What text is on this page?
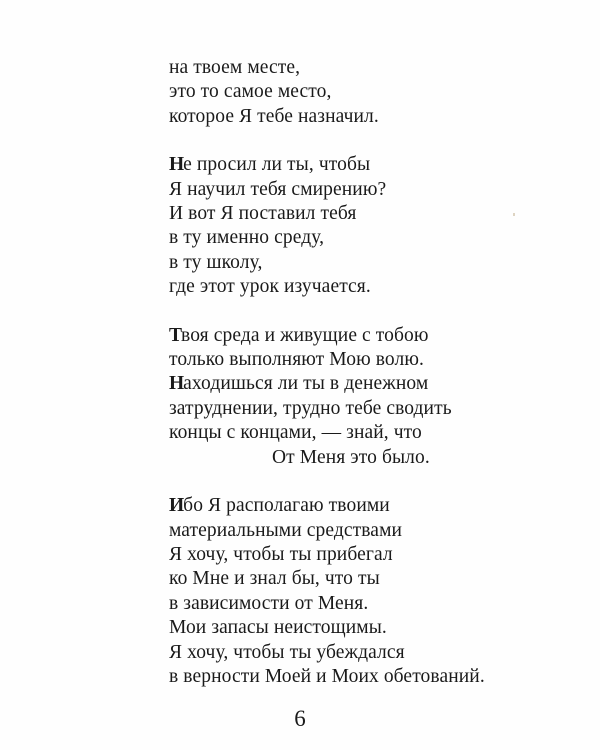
на твоем месте,
это то самое место,
которое Я тебе назначил.
Не просил ли ты, чтобы
Я научил тебя смирению?
И вот Я поставил тебя
в ту именно среду,
в ту школу,
где этот урок изучается.
Твоя среда и живущие с тобою
только выполняют Мою волю.
Находишься ли ты в денежном
затруднении, трудно тебе сводить
концы с концами, — знай, что
От Меня это было.
Ибо Я располагаю твоими
материальными средствами
Я хочу, чтобы ты прибегал
ко Мне и знал бы, что ты
в зависимости от Меня.
Мои запасы неистощимы.
Я хочу, чтобы ты убеждался
в верности Моей и Моих обетований.
6
